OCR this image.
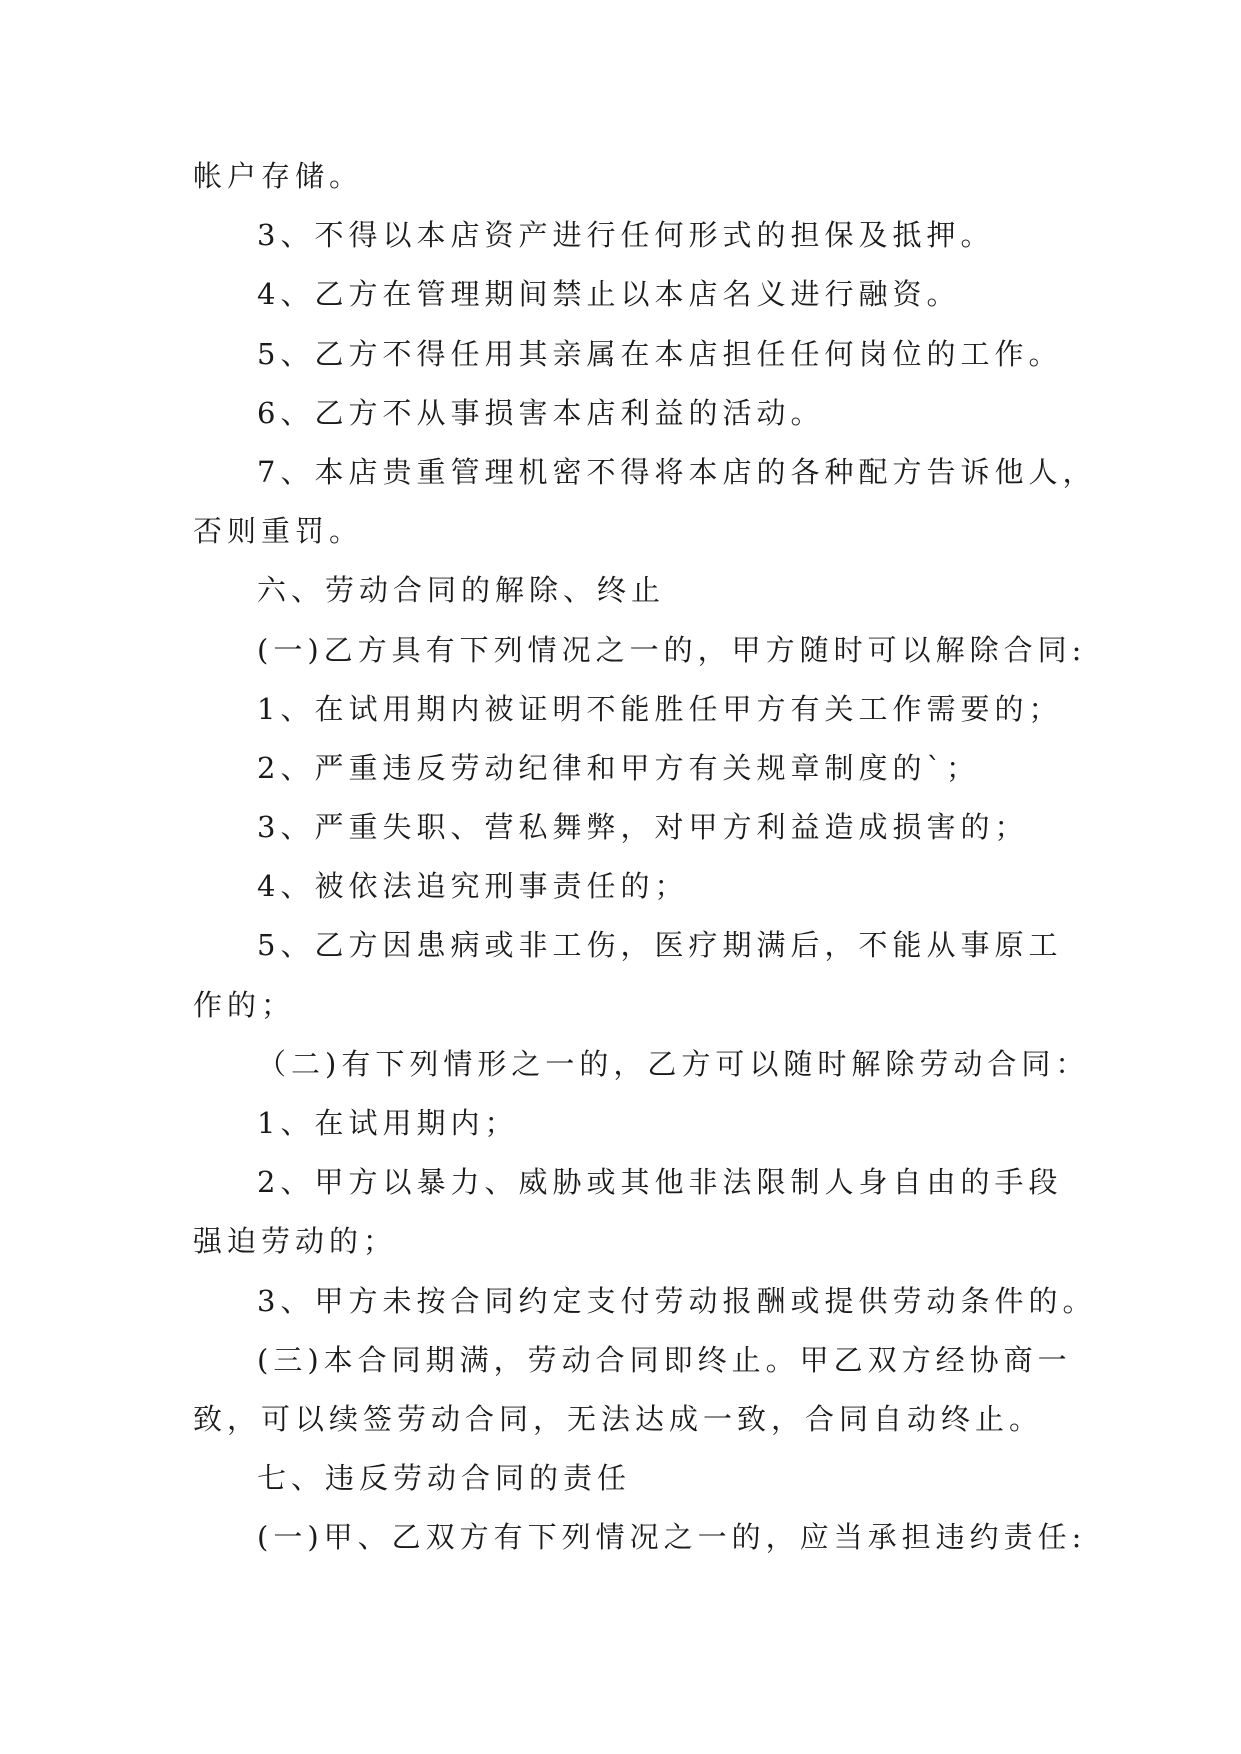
帐户存储。
3、不得以本店资产进行任何形式的担保及抵押。
4、乙方在管理期间禁止以本店名义进行融资。
5、乙方不得任用其亲属在本店担任任何岗位的工作。
6、乙方不从事损害本店利益的活动。
7、本店贵重管理机密不得将本店的各种配方告诉他人，
否则重罚。
六、劳动合同的解除、终止
(一)乙方具有下列情况之一的，甲方随时可以解除合同:
1、在试用期内被证明不能胜任甲方有关工作需要的；
2、严重违反劳动纪律和甲方有关规章制度的`；
3、严重失职、营私舞弊，对甲方利益造成损害的；
4、被依法追究刑事责任的；
5、乙方因患病或非工伤，医疗期满后，不能从事原工
作的；
（二)有下列情形之一的，乙方可以随时解除劳动合同：
1、在试用期内；
2、甲方以暴力、威胁或其他非法限制人身自由的手段
强迫劳动的；
3、甲方未按合同约定支付劳动报酬或提供劳动条件的。
(三)本合同期满，劳动合同即终止。甲乙双方经协商一
致，可以续签劳动合同，无法达成一致，合同自动终止。
七、违反劳动合同的责任
(一)甲、乙双方有下列情况之一的，应当承担违约责任:
